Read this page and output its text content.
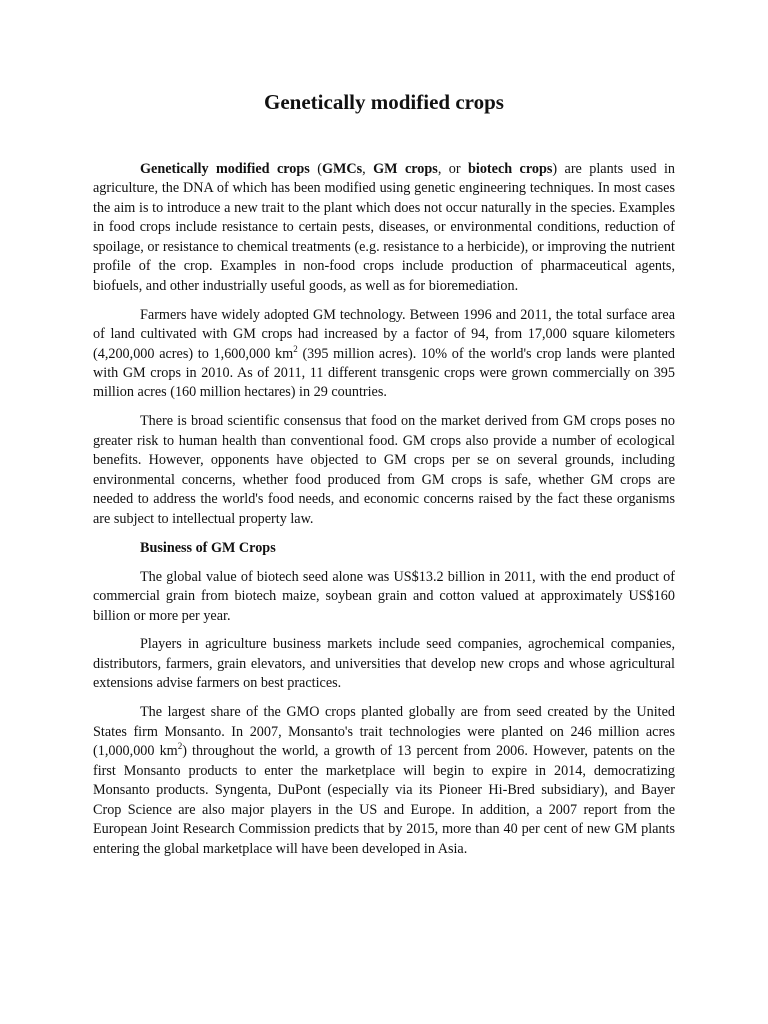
Genetically modified crops

Genetically modified crops (GMCs, GM crops, or biotech crops) are plants used in agriculture, the DNA of which has been modified using genetic engineering techniques. In most cases the aim is to introduce a new trait to the plant which does not occur naturally in the species. Examples in food crops include resistance to certain pests, diseases, or environmental conditions, reduction of spoilage, or resistance to chemical treatments (e.g. resistance to a herbicide), or improving the nutrient profile of the crop. Examples in non-food crops include production of pharmaceutical agents, biofuels, and other industrially useful goods, as well as for bioremediation.

Farmers have widely adopted GM technology. Between 1996 and 2011, the total surface area of land cultivated with GM crops had increased by a factor of 94, from 17,000 square kilometers (4,200,000 acres) to 1,600,000 $km^2$ (395 million acres). 10% of the world's crop lands were planted with GM crops in 2010. As of 2011, 11 different transgenic crops were grown commercially on 395 million acres (160 million hectares) in 29 countries.

There is broad scientific consensus that food on the market derived from GM crops poses no greater risk to human health than conventional food. GM crops also provide a number of ecological benefits. However, opponents have objected to GM crops per se on several grounds, including environmental concerns, whether food produced from GM crops is safe, whether GM crops are needed to address the world's food needs, and economic concerns raised by the fact these organisms are subject to intellectual property law.

Business of GM Crops

The global value of biotech seed alone was US$13.2 billion in 2011, with the end product of commercial grain from biotech maize, soybean grain and cotton valued at approximately US$160 billion or more per year.

Players in agriculture business markets include seed companies, agrochemical companies, distributors, farmers, grain elevators, and universities that develop new crops and whose agricultural extensions advise farmers on best practices.

The largest share of the GMO crops planted globally are from seed created by the United States firm Monsanto. In 2007, Monsanto's trait technologies were planted on 246 million acres (1,000,000 $km^2$) throughout the world, a growth of 13 percent from 2006. However, patents on the first Monsanto products to enter the marketplace will begin to expire in 2014, democratizing Monsanto products. Syngenta, DuPont (especially via its Pioneer Hi-Bred subsidiary), and Bayer Crop Science are also major players in the US and Europe. In addition, a 2007 report from the European Joint Research Commission predicts that by 2015, more than 40 per cent of new GM plants entering the global marketplace will have been developed in Asia.
